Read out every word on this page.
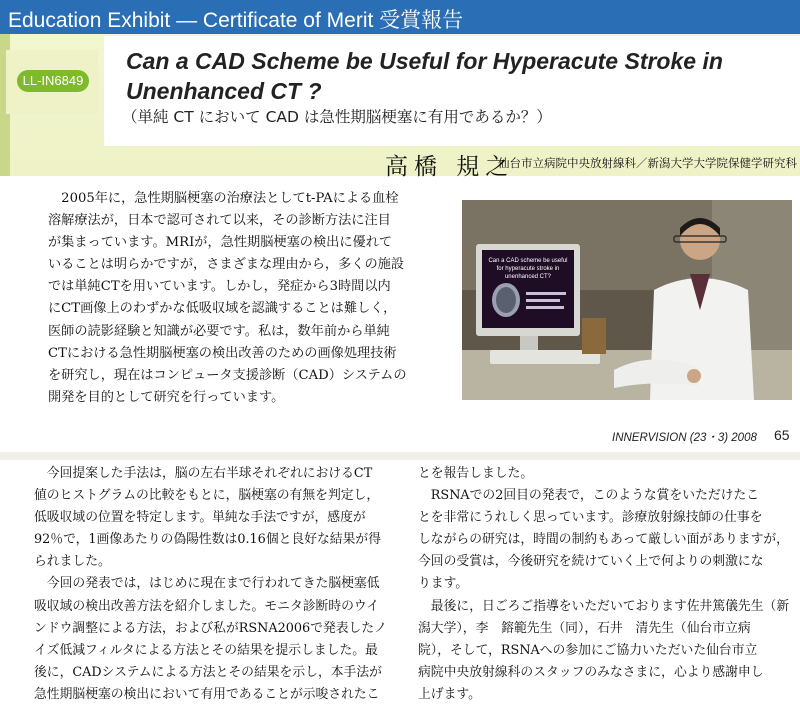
Education Exhibit ― Certificate of Merit 受賞報告
LL-IN6849
Can a CAD Scheme be Useful for Hyperacute Stroke in
Unenhanced CT ?
（単純 CT において CAD は急性期脳梗塞に有用であるか？）
高橋 規之
仙台市立病院中央放射線科／新潟大学大学院保健学研究科
　2005年に，急性期脳梗塞の治療法としてt-PAによる血栓
溶解療法が，日本で認可されて以来，その診断方法に注目
が集まっています。MRIが，急性期脳梗塞の検出に優れて
いることは明らかですが，さまざまな理由から，多くの施設
では単純CTを用いています。しかし，発症から3時間以内
にCT画像上のわずかな低吸収域を認識することは難しく，
医師の読影経験と知識が必要です。私は，数年前から単純
CTにおける急性期脳梗塞の検出改善のための画像処理技術
を研究し，現在はコンピュータ支援診断（CAD）システムの
開発を目的として研究を行っています。
Can a CAD scheme be useful
for hyperacute stroke in
unenhanced CT?
INNERVISION (23・3) 2008 65
　今回提案した手法は，脳の左右半球それぞれにおけるCT
値のヒストグラムの比較をもとに，脳梗塞の有無を判定し，
低吸収域の位置を特定します。単純な手法ですが，感度が
92％で，1画像あたりの偽陽性数は0.16個と良好な結果が得
られました。
　今回の発表では，はじめに現在まで行われてきた脳梗塞低
吸収域の検出改善方法を紹介しました。モニタ診断時のウイ
ンドウ調整による方法，および私がRSNA2006で発表したノ
イズ低減フィルタによる方法とその結果を提示しました。最
後に，CADシステムによる方法とその結果を示し，本手法が
急性期脳梗塞の検出において有用であることが示唆されたこ
とを報告しました。
　RSNAでの2回目の発表で，このような賞をいただけたこ
とを非常にうれしく思っています。診療放射線技師の仕事を
しながらの研究は，時間の制約もあって厳しい面がありますが，
今回の受賞は，今後研究を続けていく上で何よりの刺激にな
ります。
　最後に，日ごろご指導をいただいております佐井篤儀先生（新
潟大学），李　鎔範先生（同），石井　清先生（仙台市立病
院），そして，RSNAへの参加にご協力いただいた仙台市立
病院中央放射線科のスタッフのみなさまに，心より感謝申し
上げます。
